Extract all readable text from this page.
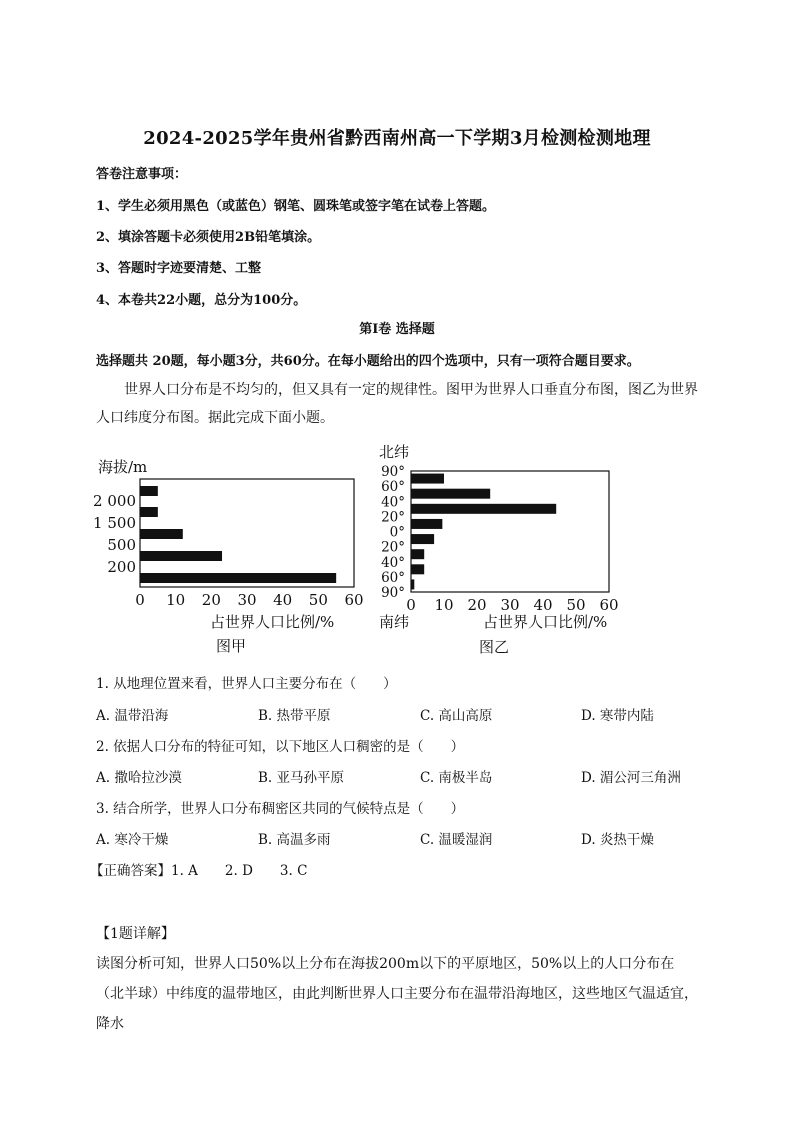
2024-2025学年贵州省黔西南州高一下学期3月检测检测地理
答卷注意事项：
1、学生必须用黑色（或蓝色）钢笔、圆珠笔或签字笔在试卷上答题。
2、填涂答题卡必须使用2B铅笔填涂。
3、答题时字迹要清楚、工整
4、本卷共22小题，总分为100分。
第Ⅰ卷 选择题
选择题共 20题，每小题3分，共60分。在每小题给出的四个选项中，只有一项符合题目要求。
世界人口分布是不均匀的，但又具有一定的规律性。图甲为世界人口垂直分布图，图乙为世界人口纬度分布图。据此完成下面小题。
海拔/m
2 000
1 500
500
200
0 10 20 30 40 50 60
占世界人口比例/%
图甲
北纬
90°
60°
40°
20°
0°
20°
40°
60°
90°
0 10 20 30 40 50 60
南纬	占世界人口比例/%
图乙
1. 从地理位置来看，世界人口主要分布在（　　）
A. 温带沿海	B. 热带平原	C. 高山高原	D. 寒带内陆
2. 依据人口分布的特征可知，以下地区人口稠密的是（　　）
A. 撒哈拉沙漠	B. 亚马孙平原	C. 南极半岛	D. 湄公河三角洲
3. 结合所学，世界人口分布稠密区共同的气候特点是（　　）
A. 寒冷干燥	B. 高温多雨	C. 温暖湿润	D. 炎热干燥
【正确答案】1. A　　2. D　　3. C
【1题详解】
读图分析可知，世界人口50%以上分布在海拔200m以下的平原地区，50%以上的人口分布在（北半球）中纬度的温带地区，由此判断世界人口主要分布在温带沿海地区，这些地区气温适宜，降水
